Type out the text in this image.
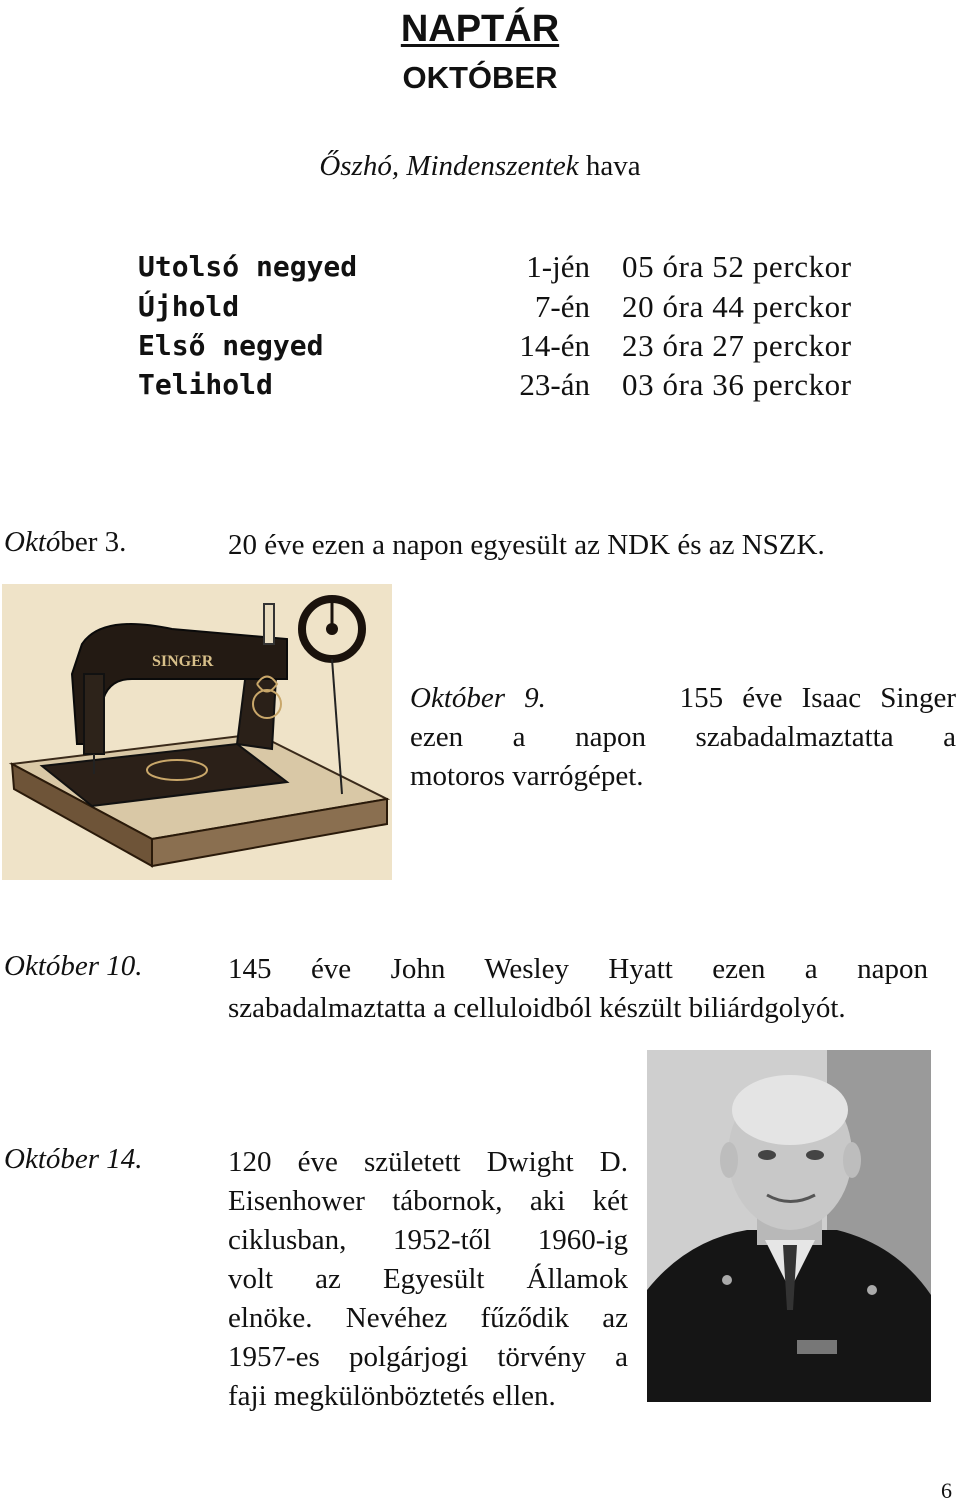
NAPTÁR
OKTÓBER
Őszhó, Mindenszentek hava
Utolsó negyed	1-jén 05 óra 52 perckor
Újhold	7-én 20 óra 44 perckor
Első negyed	14-én 23 óra 27 perckor
Telihold	23-án 03 óra 36 perckor
Október 3.	20 éve ezen a napon egyesült az NDK és az NSZK.
SINGER
Október 9.	155 éve Isaac Singer
ezen a napon szabadalmaztatta a
motoros varrógépet.
Október 10.	145 éve John Wesley Hyatt ezen a napon
szabadalmaztatta a celluloidból készült biliárdgolyót.
Október 14.	120 éve született Dwight D.
Eisenhower tábornok, aki két
ciklusban, 1952-től 1960-ig
volt az Egyesült Államok
elnöke. Nevéhez fűződik az
1957-es polgárjogi törvény a
faji megkülönböztetés ellen.
6
